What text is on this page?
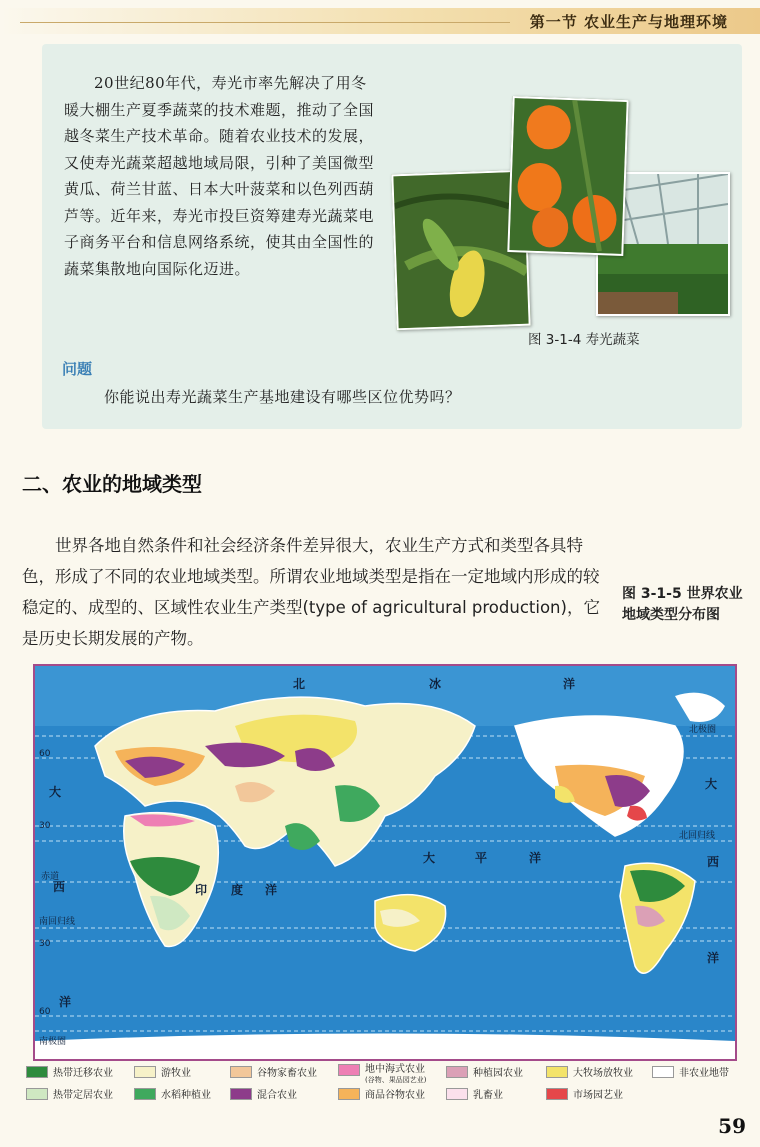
第一节 农业生产与地理环境

20世纪80年代，寿光市率先解决了用冬暖大棚生产夏季蔬菜的技术难题，推动了全国越冬菜生产技术革命。随着农业技术的发展，又使寿光蔬菜超越地域局限，引种了美国微型黄瓜、荷兰甘蓝、日本大叶菠菜和以色列西葫芦等。近年来，寿光市投巨资筹建寿光蔬菜电子商务平台和信息网络系统，使其由全国性的蔬菜集散地向国际化迈进。

图 3-1-4 寿光蔬菜
问题
你能说出寿光蔬菜生产基地建设有哪些区位优势吗？
二、农业的地域类型

世界各地自然条件和社会经济条件差异很大，农业生产方式和类型各具特色，形成了不同的农业地域类型。所谓农业地域类型是指在一定地域内形成的较稳定的、成型的、区域性农业生产类型(type of agricultural production)，它是历史长期发展的产物。

图 3-1-5 世界农业地域类型分布图
北	冰	洋
大
西
大
西
洋
印 度 洋
大	平	洋
洋
北极圈
北回归线
赤道
南回归线
南极圈
60
30
30
60
热带迁移农业	游牧业	谷物家畜农业	地中海式农业
(谷物、果品园艺业)
种植园农业	大牧场放牧业	非农业地带
热带定居农业	水稻种植业	混合农业	商品谷物农业	乳畜业	市场园艺业
59
